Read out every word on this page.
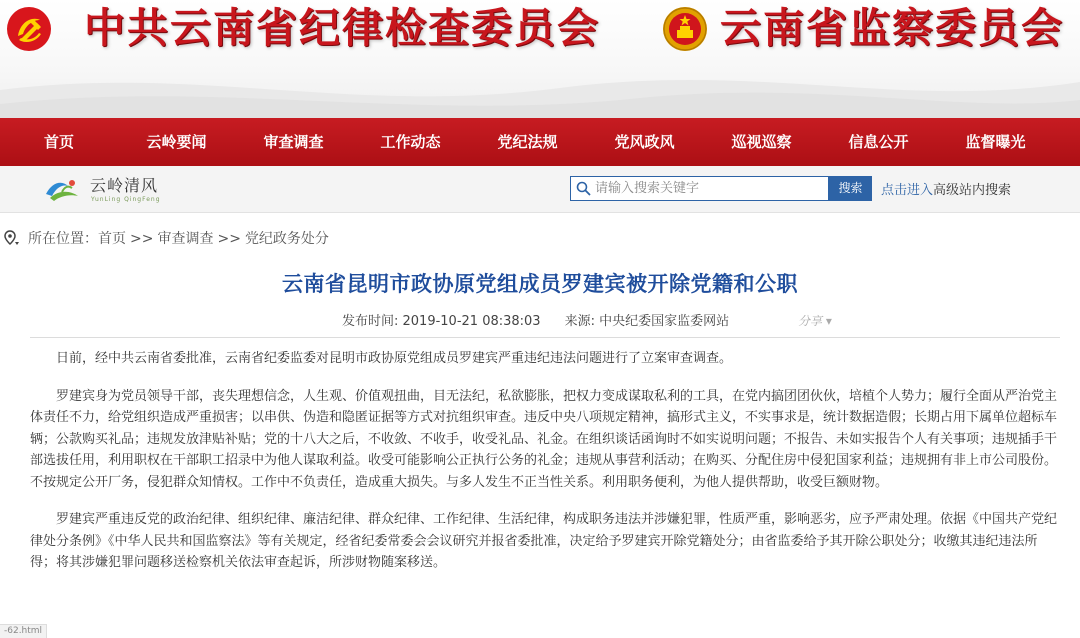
中共云南省纪律检查委员会	云南省监察委员会
首页	云岭要闻	审查调查	工作动态	党纪法规	党风政风	巡视巡察	信息公开	监督曝光
云岭清风
YunLing QingFeng
请输入搜索关键字
搜索	点击进入高级站内搜索
所在位置：首页 >> 审查调查 >> 党纪政务处分
云南省昆明市政协原党组成员罗建宾被开除党籍和公职
发布时间: 2019-10-21 08:38:03 来源: 中央纪委国家监委网站	分享 ▾

日前，经中共云南省委批准，云南省纪委监委对昆明市政协原党组成员罗建宾严重违纪违法问题进行了立案审查调查。

罗建宾身为党员领导干部，丧失理想信念，人生观、价值观扭曲，目无法纪，私欲膨胀，把权力变成谋取私利的工具，在党内搞团团伙伙，培植个人势力；履行全面从严治党主体责任不力，给党组织造成严重损害；以串供、伪造和隐匿证据等方式对抗组织审查。违反中央八项规定精神，搞形式主义，不实事求是，统计数据造假；长期占用下属单位超标车辆；公款购买礼品；违规发放津贴补贴；党的十八大之后，不收敛、不收手，收受礼品、礼金。在组织谈话函询时不如实说明问题；不报告、未如实报告个人有关事项；违规插手干部选拔任用，利用职权在干部职工招录中为他人谋取利益。收受可能影响公正执行公务的礼金；违规从事营利活动；在购买、分配住房中侵犯国家利益；违规拥有非上市公司股份。不按规定公开厂务，侵犯群众知情权。工作中不负责任，造成重大损失。与多人发生不正当性关系。利用职务便利，为他人提供帮助，收受巨额财物。

罗建宾严重违反党的政治纪律、组织纪律、廉洁纪律、群众纪律、工作纪律、生活纪律，构成职务违法并涉嫌犯罪，性质严重，影响恶劣，应予严肃处理。依据《中国共产党纪律处分条例》《中华人民共和国监察法》等有关规定，经省纪委常委会会议研究并报省委批准，决定给予罗建宾开除党籍处分；由省监委给予其开除公职处分；收缴其违纪违法所得；将其涉嫌犯罪问题移送检察机关依法审查起诉，所涉财物随案移送。

-62.html
